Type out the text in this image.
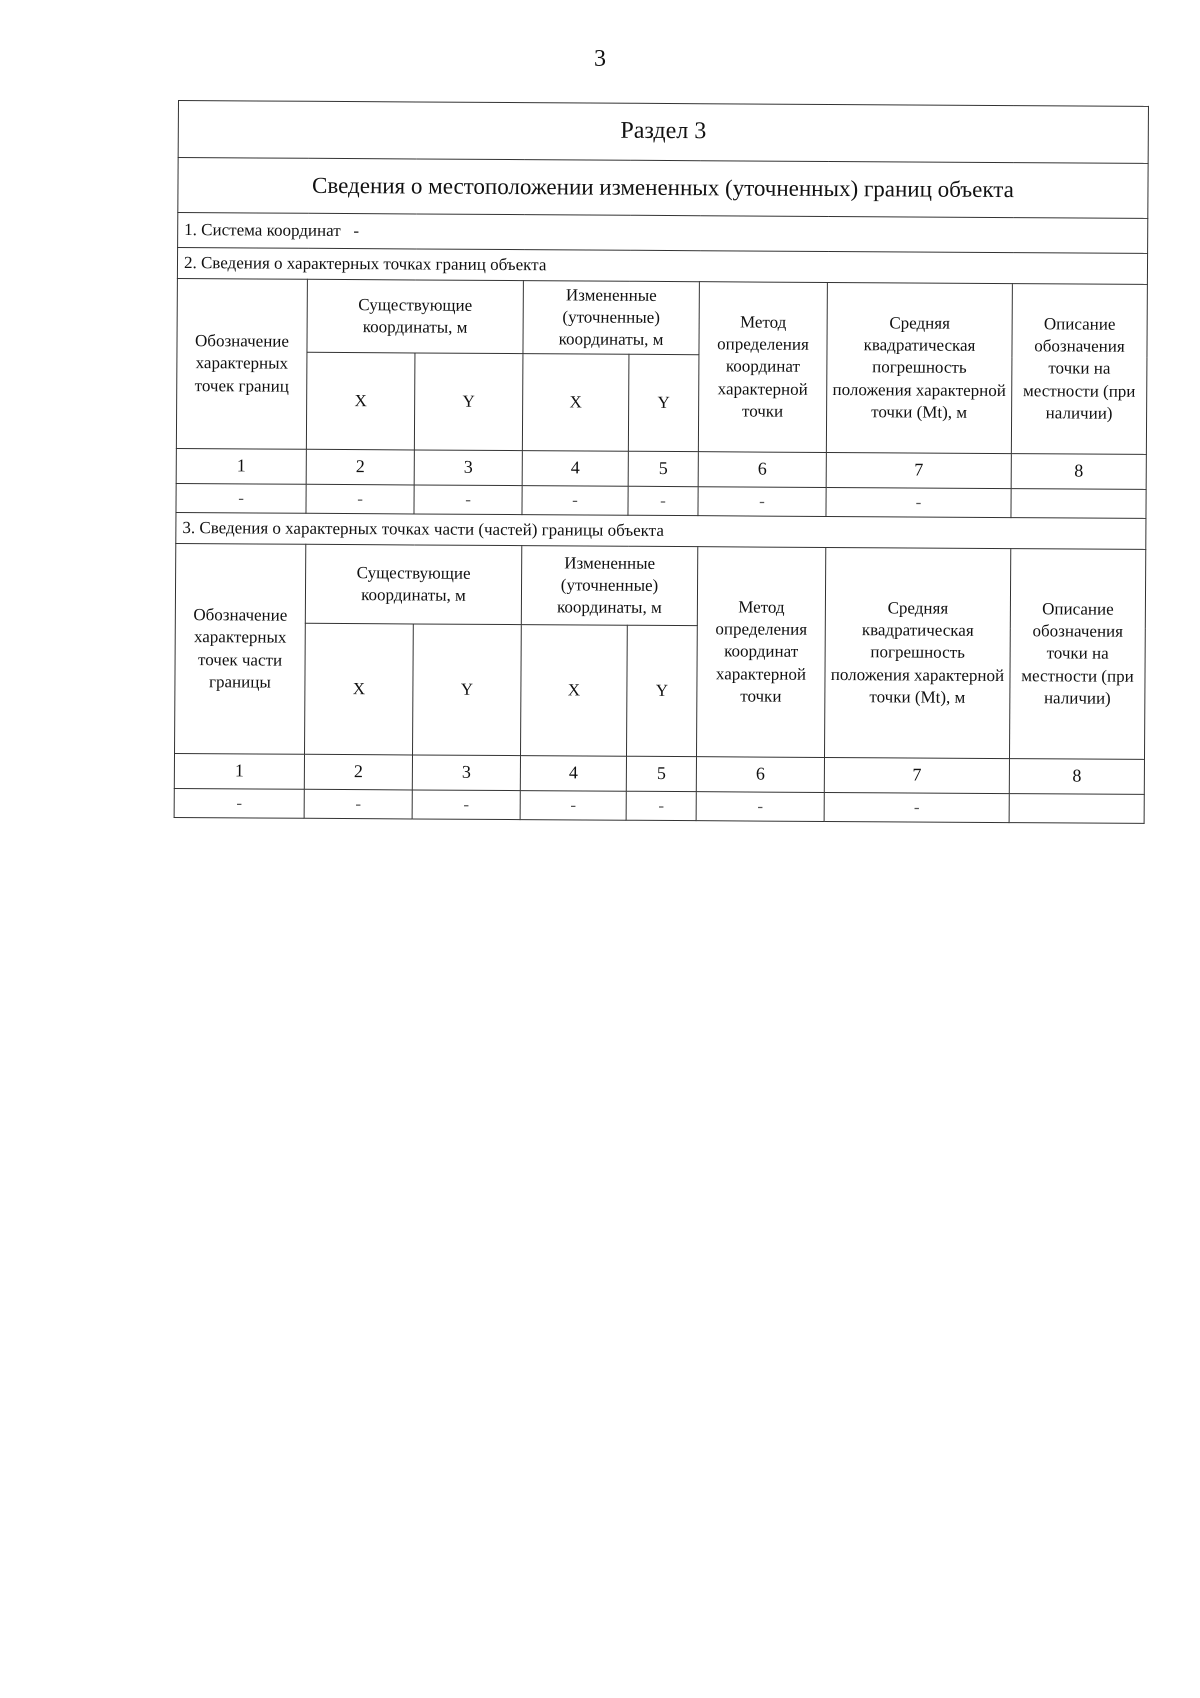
3
Раздел 3							
Сведения о местоположении измененных (уточненных) границ объекта							
1. Система координат -							
2. Сведения о характерных точках границ объекта							
Обозначение характерных точек границ	Существующие координаты, м		Измененные (уточненные) координаты, м		Метод определения координат характерной точки	Средняя квадратическая погрешность положения характерной точки (Mt), м	Описание обозначения точки на местности (при наличии)
	X	Y	X	Y			
1	2	3	4	5	6	7	8
-	-	-	-	-	-	-	
3. Сведения о характерных точках части (частей) границы объекта							
Обозначение характерных точек части границы	Существующие координаты, м		Измененные (уточненные) координаты, м		Метод определения координат характерной точки	Средняя квадратическая погрешность положения характерной точки (Mt), м	Описание обозначения точки на местности (при наличии)
	X	Y	X	Y			
1	2	3	4	5	6	7	8
-	-	-	-	-	-	-	
